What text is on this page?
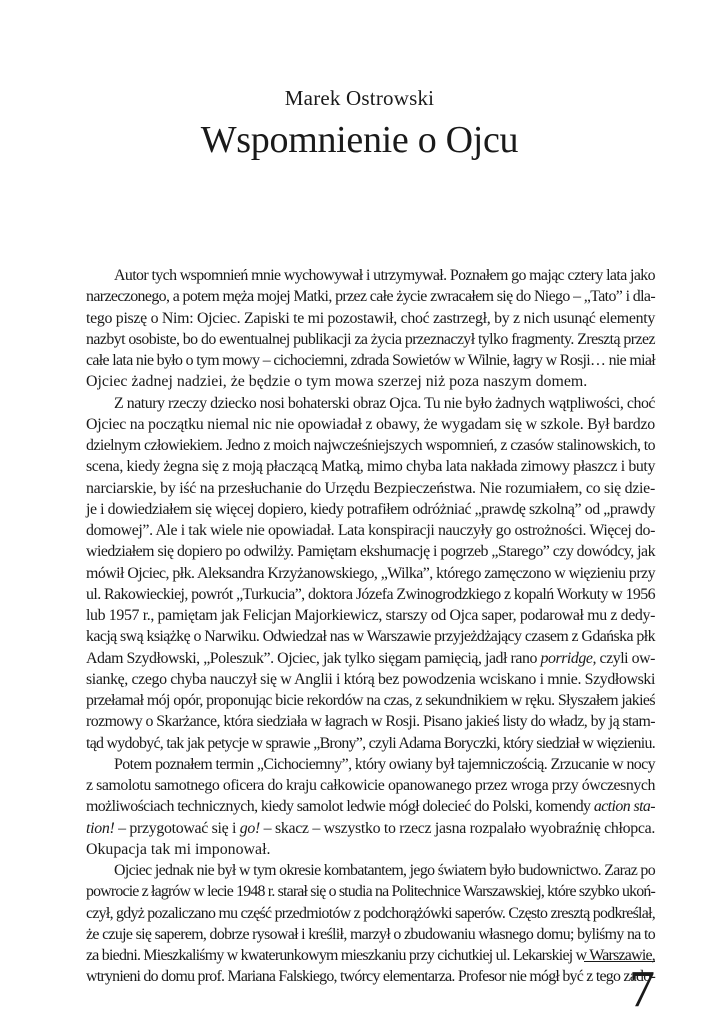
Marek Ostrowski
Wspomnienie o Ojcu
Autor tych wspomnień mnie wychowywał i utrzymywał. Poznałem go mając cztery lata jako
narzeczonego, a potem męża mojej Matki, przez całe życie zwracałem się do Niego – „Tato” i dla-
tego piszę o Nim: Ojciec. Zapiski te mi pozostawił, choć zastrzegł, by z nich usunąć elementy
nazbyt osobiste, bo do ewentualnej publikacji za życia przeznaczył tylko fragmenty. Zresztą przez
całe lata nie było o tym mowy – cichociemni, zdrada Sowietów w Wilnie, łagry w Rosji… nie miał
Ojciec żadnej nadziei, że będzie o tym mowa szerzej niż poza naszym domem.
Z natury rzeczy dziecko nosi bohaterski obraz Ojca. Tu nie było żadnych wątpliwości, choć
Ojciec na początku niemal nic nie opowiadał z obawy, że wygadam się w szkole. Był bardzo
dzielnym człowiekiem. Jedno z moich najwcześniejszych wspomnień, z czasów stalinowskich, to
scena, kiedy żegna się z moją płaczącą Matką, mimo chyba lata nakłada zimowy płaszcz i buty
narciarskie, by iść na przesłuchanie do Urzędu Bezpieczeństwa. Nie rozumiałem, co się dzie-
je i dowiedziałem się więcej dopiero, kiedy potrafiłem odróżniać „prawdę szkolną” od „prawdy
domowej”. Ale i tak wiele nie opowiadał. Lata konspiracji nauczyły go ostrożności. Więcej do-
wiedziałem się dopiero po odwilży. Pamiętam ekshumację i pogrzeb „Starego” czy dowódcy, jak
mówił Ojciec, płk. Aleksandra Krzyżanowskiego, „Wilka”, którego zamęczono w więzieniu przy
ul. Rakowieckiej, powrót „Turkucia”, doktora Józefa Zwinogrodzkiego z kopalń Workuty w 1956
lub 1957 r., pamiętam jak Felicjan Majorkiewicz, starszy od Ojca saper, podarował mu z dedy-
kacją swą książkę o Narwiku. Odwiedzał nas w Warszawie przyjeżdżający czasem z Gdańska płk
Adam Szydłowski, „Poleszuk”. Ojciec, jak tylko sięgam pamięcią, jadł rano porridge, czyli ow-
siankę, czego chyba nauczył się w Anglii i którą bez powodzenia wciskano i mnie. Szydłowski
przełamał mój opór, proponując bicie rekordów na czas, z sekundnikiem w ręku. Słyszałem jakieś
rozmowy o Skarżance, która siedziała w łagrach w Rosji. Pisano jakieś listy do władz, by ją stam-
tąd wydobyć, tak jak petycje w sprawie „Brony”, czyli Adama Boryczki, który siedział w więzieniu.
Potem poznałem termin „Cichociemny”, który owiany był tajemniczością. Zrzucanie w nocy
z samolotu samotnego oficera do kraju całkowicie opanowanego przez wroga przy ówczesnych
możliwościach technicznych, kiedy samolot ledwie mógł dolecieć do Polski, komendy action sta-
tion! – przygotować się i go! – skacz – wszystko to rzecz jasna rozpalało wyobraźnię chłopca.
Okupacja tak mi imponował.
Ojciec jednak nie był w tym okresie kombatantem, jego światem było budownictwo. Zaraz po
powrocie z łagrów w lecie 1948 r. starał się o studia na Politechnice Warszawskiej, które szybko ukoń-
czył, gdyż pozaliczano mu część przedmiotów z podchorążówki saperów. Często zresztą podkreślał,
że czuje się saperem, dobrze rysował i kreślił, marzył o zbudowaniu własnego domu; byliśmy na to
za biedni. Mieszkaliśmy w kwaterunkowym mieszkaniu przy cichutkiej ul. Lekarskiej w Warszawie,
wtrynieni do domu prof. Mariana Falskiego, twórcy elementarza. Profesor nie mógł być z tego zado-
7
